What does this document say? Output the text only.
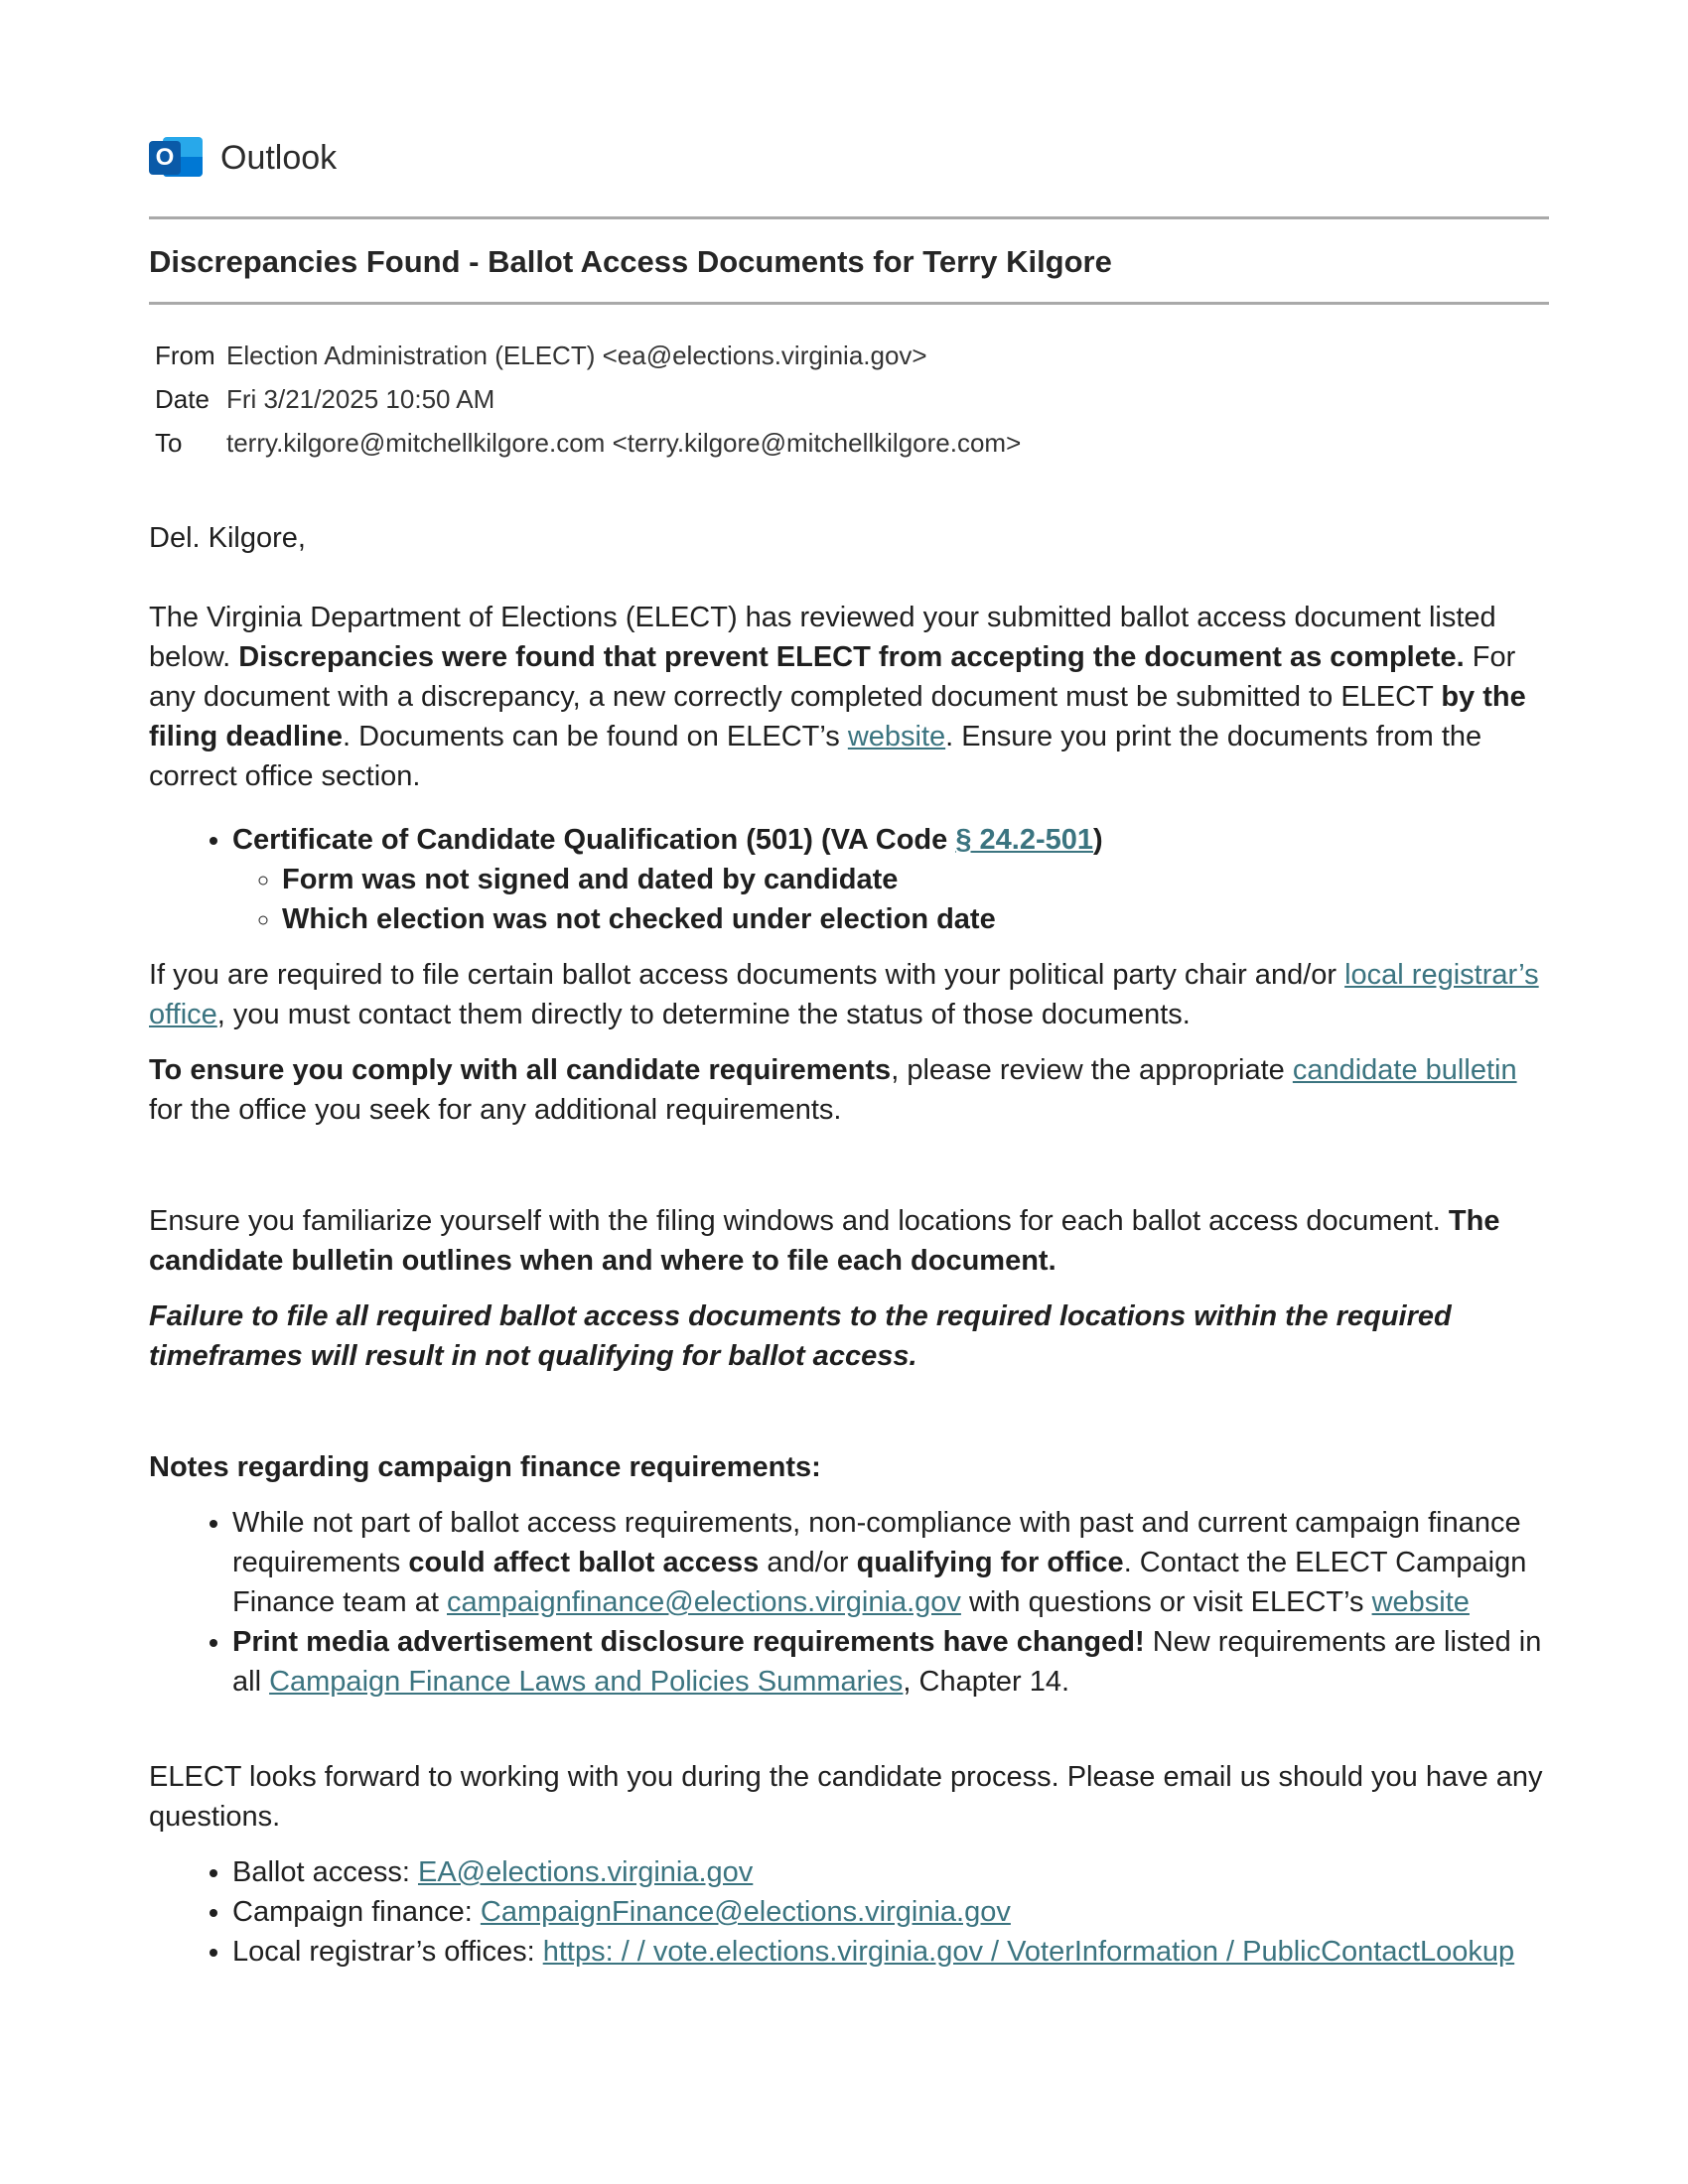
O Outlook
Discrepancies Found - Ballot Access Documents for Terry Kilgore
From Election Administration (ELECT) <ea@elections.virginia.gov>
Date Fri 3/21/2025 10:50 AM
To	terry.kilgore@mitchellkilgore.com <terry.kilgore@mitchellkilgore.com>

Del. Kilgore,

The Virginia Department of Elections (ELECT) has reviewed your submitted ballot access document listed below. Discrepancies were found that prevent ELECT from accepting the document as complete. For any document with a discrepancy, a new correctly completed document must be submitted to ELECT by the filing deadline. Documents can be found on ELECT’s website. Ensure you print the documents from the correct office section.

• Certificate of Candidate Qualification (501) (VA Code § 24.2-501)
◦ Form was not signed and dated by candidate
◦ Which election was not checked under election date

If you are required to file certain ballot access documents with your political party chair and/or local registrar’s office, you must contact them directly to determine the status of those documents.

To ensure you comply with all candidate requirements, please review the appropriate candidate bulletin for the office you seek for any additional requirements.

Ensure you familiarize yourself with the filing windows and locations for each ballot access document. The candidate bulletin outlines when and where to file each document.

Failure to file all required ballot access documents to the required locations within the required timeframes will result in not qualifying for ballot access.

Notes regarding campaign finance requirements:

• While not part of ballot access requirements, non-compliance with past and current campaign finance requirements could affect ballot access and/or qualifying for office. Contact the ELECT Campaign Finance team at campaignfinance@elections.virginia.gov with questions or visit ELECT’s website
• Print media advertisement disclosure requirements have changed! New requirements are listed in all Campaign Finance Laws and Policies Summaries, Chapter 14.

ELECT looks forward to working with you during the candidate process. Please email us should you have any questions.

• Ballot access: EA@elections.virginia.gov
• Campaign finance: CampaignFinance@elections.virginia.gov
• Local registrar’s offices: https: / / vote.elections.virginia.gov / VoterInformation / PublicContactLookup
